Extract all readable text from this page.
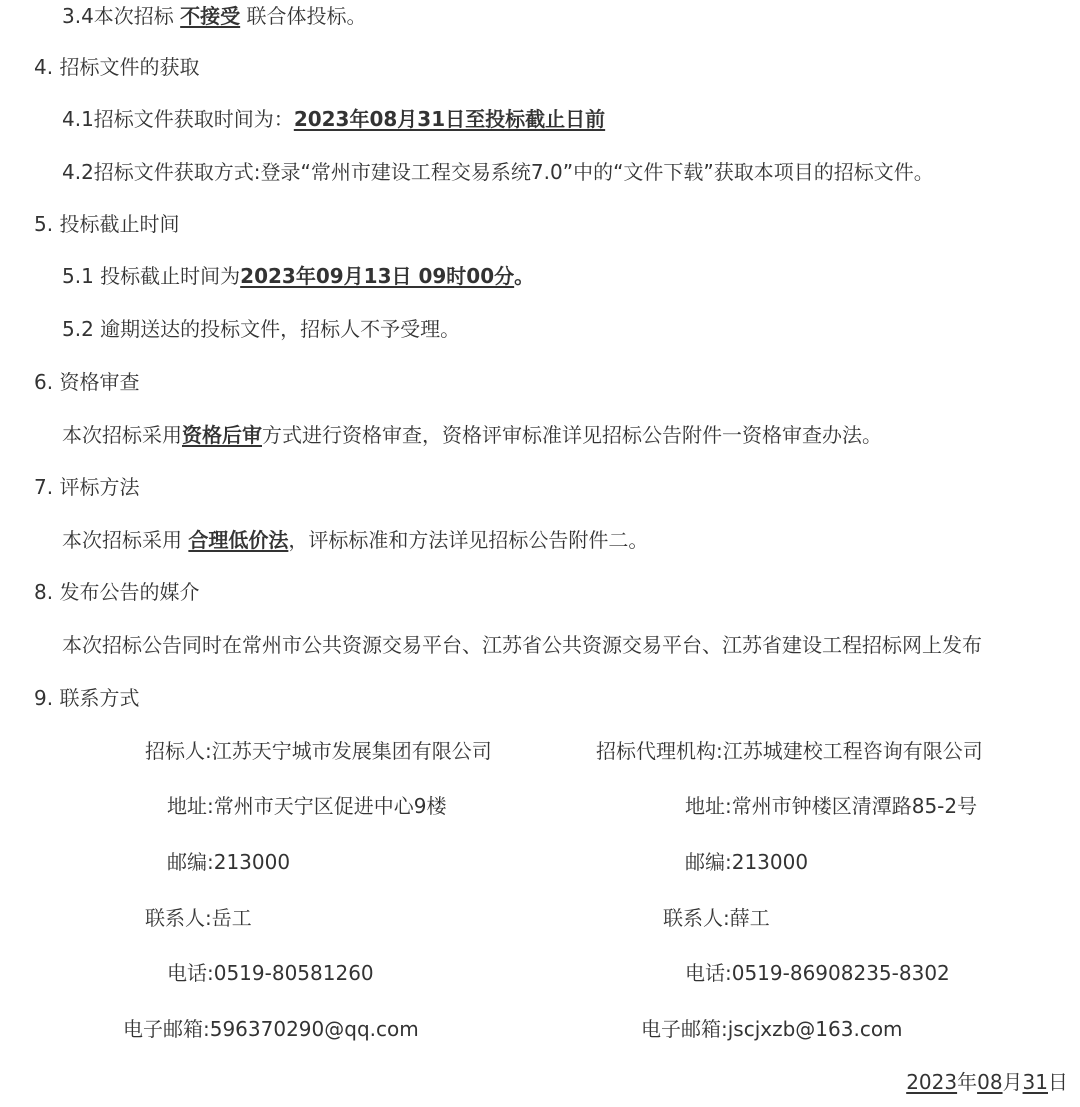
3.4本次招标 不接受 联合体投标。
4. 招标文件的获取
4.1招标文件获取时间为：2023年08月31日至投标截止日前
4.2招标文件获取方式:登录“常州市建设工程交易系统7.0”中的“文件下载”获取本项目的招标文件。
5. 投标截止时间
5.1 投标截止时间为2023年09月13日 09时00分。
5.2 逾期送达的投标文件，招标人不予受理。
6. 资格审查
本次招标采用资格后审方式进行资格审查，资格评审标准详见招标公告附件一资格审查办法。
7. 评标方法
本次招标采用 合理低价法，评标标准和方法详见招标公告附件二。
8. 发布公告的媒介
本次招标公告同时在常州市公共资源交易平台、江苏省公共资源交易平台、江苏省建设工程招标网上发布
9. 联系方式
招标人:江苏天宁城市发展集团有限公司
地址:常州市天宁区促进中心9楼
邮编:213000
联系人:岳工
电话:0519-80581260
电子邮箱:596370290@qq.com
招标代理机构:江苏城建校工程咨询有限公司
地址:常州市钟楼区清潭路85-2号
邮编:213000
联系人:薛工
电话:0519-86908235-8302
电子邮箱:jscjxzb@163.com
2023年08月31日
